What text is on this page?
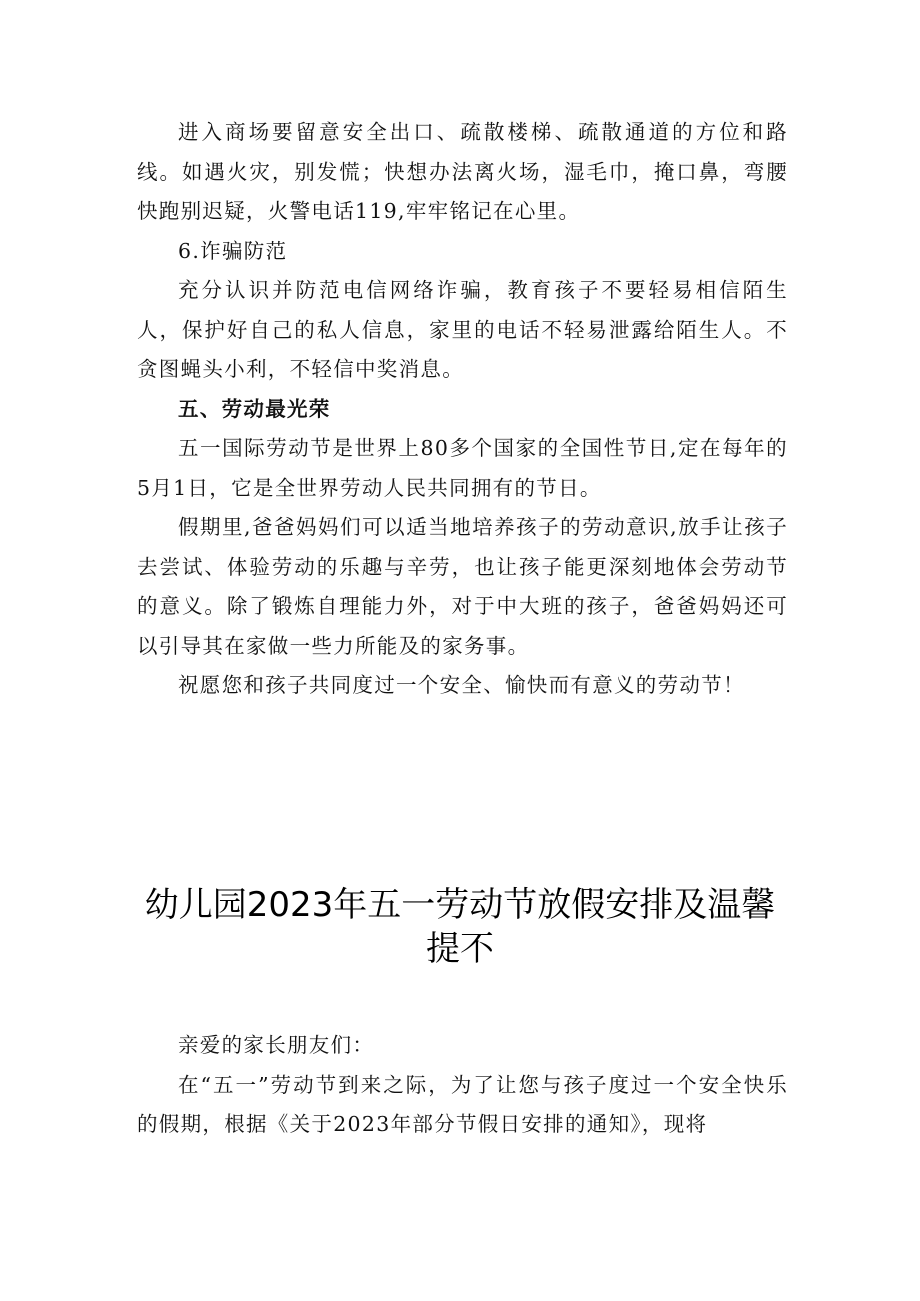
进入商场要留意安全出口、疏散楼梯、疏散通道的方位和路线。如遇火灾，别发慌；快想办法离火场，湿毛巾，掩口鼻，弯腰快跑别迟疑，火警电话119,牢牢铭记在心里。

6.诈骗防范

充分认识并防范电信网络诈骗，教育孩子不要轻易相信陌生人，保护好自己的私人信息，家里的电话不轻易泄露给陌生人。不贪图蝇头小利，不轻信中奖消息。

五、劳动最光荣

五一国际劳动节是世界上80多个国家的全国性节日,定在每年的5月1日，它是全世界劳动人民共同拥有的节日。

假期里,爸爸妈妈们可以适当地培养孩子的劳动意识,放手让孩子去尝试、体验劳动的乐趣与辛劳，也让孩子能更深刻地体会劳动节的意义。除了锻炼自理能力外，对于中大班的孩子，爸爸妈妈还可以引导其在家做一些力所能及的家务事。

祝愿您和孩子共同度过一个安全、愉快而有意义的劳动节！

幼儿园2023年五一劳动节放假安排及温馨
提不

亲爱的家长朋友们：

在“五一”劳动节到来之际，为了让您与孩子度过一个安全快乐的假期，根据《关于2023年部分节假日安排的通知》，现将
